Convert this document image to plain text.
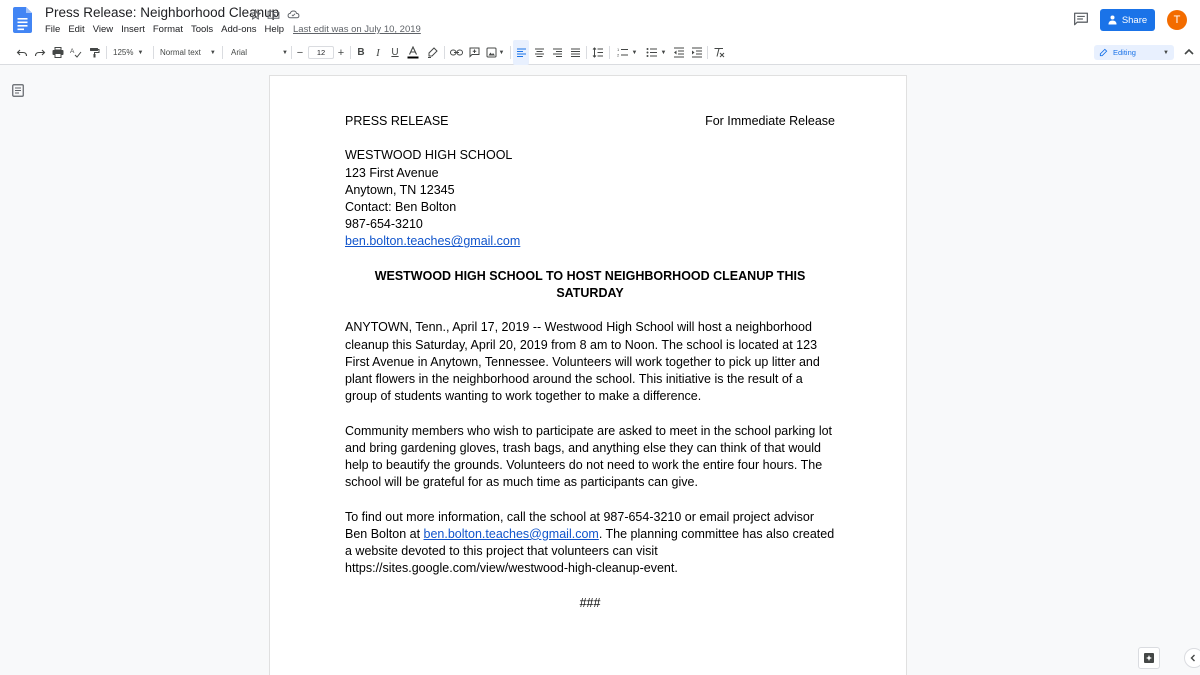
Press Release: Neighborhood Cleanup
File Edit View Insert Format Tools Add-ons Help Last edit was on July 10, 2019
Share	T
A	125% ▼ Normal text ▼ Arial	▼ −	12	+	B	I	U	▼	1
2 ▼	▼	Editing	▼
PRESS RELEASE	For Immediate Release
WESTWOOD HIGH SCHOOL
123 First Avenue
Anytown, TN 12345
Contact: Ben Bolton
987-654-3210
ben.bolton.teaches@gmail.com
WESTWOOD HIGH SCHOOL TO HOST NEIGHBORHOOD CLEANUP THIS SATURDAY
ANYTOWN, Tenn., April 17, 2019 -- Westwood High School will host a neighborhood cleanup this Saturday, April 20, 2019 from 8 am to Noon. The school is located at 123 First Avenue in Anytown, Tennessee. Volunteers will work together to pick up litter and plant flowers in the neighborhood around the school. This initiative is the result of a group of students wanting to work together to make a difference.
Community members who wish to participate are asked to meet in the school parking lot and bring gardening gloves, trash bags, and anything else they can think of that would help to beautify the grounds. Volunteers do not need to work the entire four hours. The school will be grateful for as much time as participants can give.
To find out more information, call the school at 987-654-3210 or email project advisor Ben Bolton at ben.bolton.teaches@gmail.com. The planning committee has also created a website devoted to this project that volunteers can visit https://sites.google.com/view/westwood-high-cleanup-event.
###
